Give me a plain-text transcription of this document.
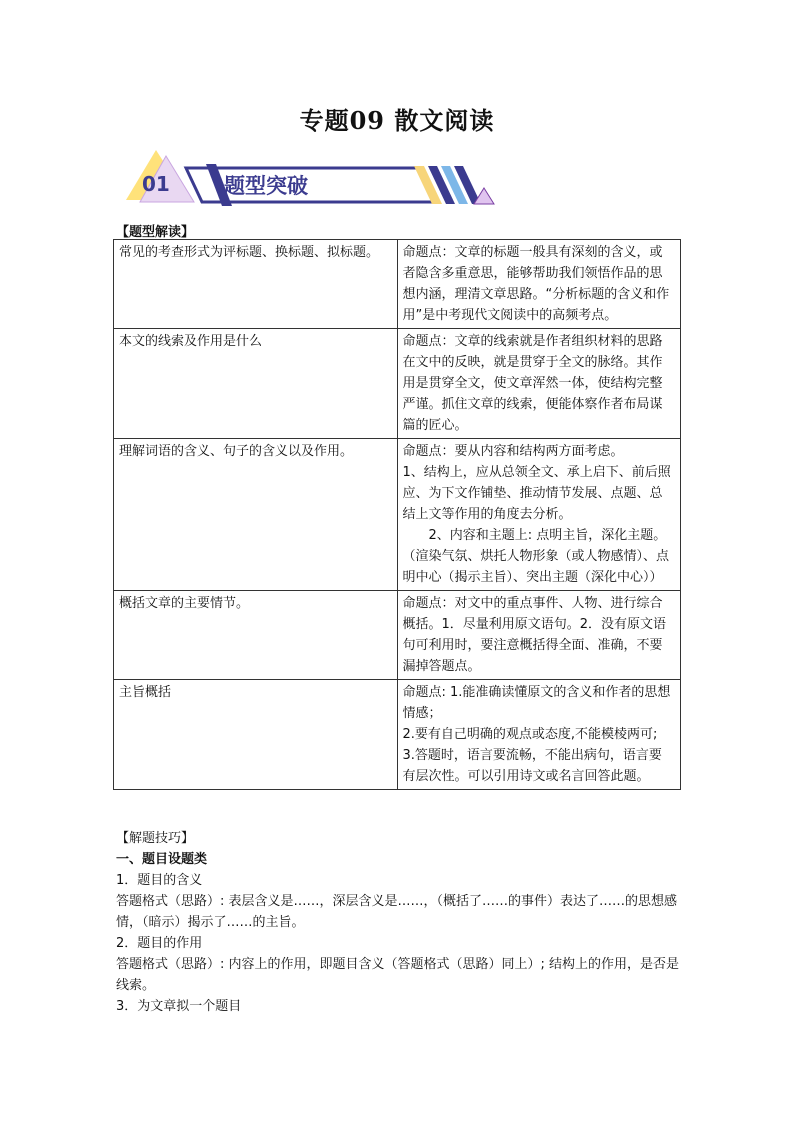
专题09 散文阅读
01	题型突破
【题型解读】
常见的考查形式为评标题、换标题、拟标题。	命题点：文章的标题一般具有深刻的含义，或者隐含多重意思，能够帮助我们领悟作品的思想内涵，理清文章思路。“分析标题的含义和作用”是中考现代文阅读中的高频考点。

本文的线索及作用是什么	命题点：文章的线索就是作者组织材料的思路在文中的反映，就是贯穿于全文的脉络。其作用是贯穿全文，使文章浑然一体，使结构完整严谨。抓住文章的线索，便能体察作者布局谋篇的匠心。

理解词语的含义、句子的含义以及作用。	命题点：要从内容和结构两方面考虑。
1、结构上，应从总领全文、承上启下、前后照应、为下文作铺垫、推动情节发展、点题、总结上文等作用的角度去分析。
2、内容和主题上: 点明主旨，深化主题。（渲染气氛、烘托人物形象（或人物感情）、点明中心（揭示主旨）、突出主题（深化中心））

概括文章的主要情节。	命题点：对文中的重点事件、人物、进行综合概括。1．尽量利用原文语句。2．没有原文语句可利用时，要注意概括得全面、准确，不要漏掉答题点。

主旨概括	命题点: 1.能准确读懂原文的含义和作者的思想情感；
2.要有自己明确的观点或态度,不能模棱两可;
3.答题时，语言要流畅，不能出病句，语言要有层次性。可以引用诗文或名言回答此题。
【解题技巧】
一、题目设题类
1．题目的含义
答题格式（思路）: 表层含义是……，深层含义是……，（概括了……的事件）表达了……的思想感情，（暗示）揭示了……的主旨。
2．题目的作用
答题格式（思路）: 内容上的作用，即题目含义（答题格式（思路）同上）; 结构上的作用，是否是线索。
3．为文章拟一个题目
